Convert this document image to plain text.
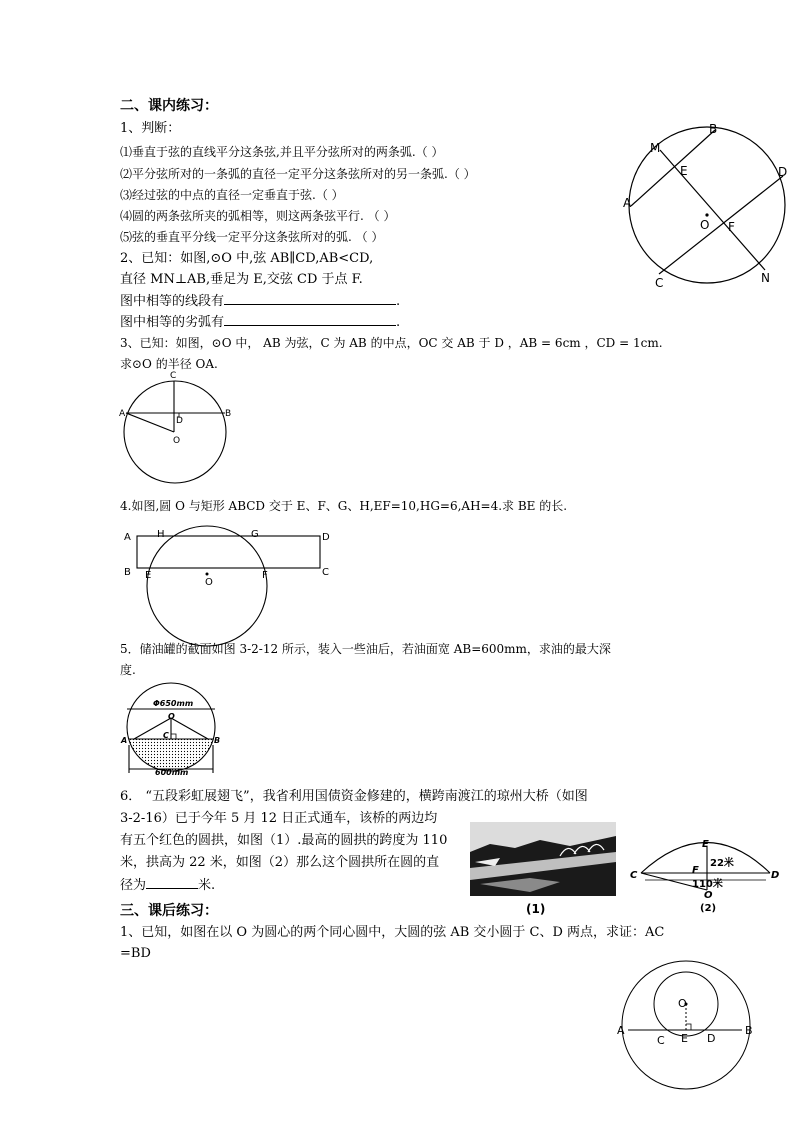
二、课内练习：
1、判断：
⑴垂直于弦的直线平分这条弦,并且平分弦所对的两条弧.（ ）
⑵平分弦所对的一条弧的直径一定平分这条弦所对的另一条弧.（ ）
⑶经过弦的中点的直径一定垂直于弦.（ ）
⑷圆的两条弦所夹的弧相等，则这两条弦平行. （ ）
⑸弦的垂直平分线一定平分这条弦所对的弧. （ ）
2、已知：如图,⊙O 中,弦 AB∥CD,AB<CD,
直径 MN⊥AB,垂足为 E,交弦 CD 于点 F.
图中相等的线段有	.
图中相等的劣弧有	.
3、已知：如图，⊙O 中， AB 为弦，C 为 AB 的中点，OC 交 AB 于 D ，AB = 6cm ，CD = 1cm.
求⊙O 的半径 OA.
4.如图,圆 O 与矩形 ABCD 交于 E、F、G、H,EF=10,HG=6,AH=4.求 BE 的长.
5．储油罐的截面如图 3-2-12 所示，装入一些油后，若油面宽 AB=600mm，求油的最大深
度.
6． “五段彩虹展翅飞”，我省利用国债资金修建的，横跨南渡江的琼州大桥（如图
3-2-16）已于今年 5 月 12 日正式通车，该桥的两边均
有五个红色的圆拱，如图（1）.最高的圆拱的跨度为 110
米，拱高为 22 米，如图（2）那么这个圆拱所在圆的直
径为	米.
三、课后练习：
1、已知，如图在以 O 为圆心的两个同心圆中，大圆的弦 AB 交小圆于 C、D 两点，求证：AC
=BD
M
B
E	D
A
O F
C	N
C
A
D
B
O
A	H	G	D
B E	F	C
O
Φ650mm
O
C
A	B
600mm
(1)
E
22米
F
C	D
110米
O
(2)
O
A
C E D
B
